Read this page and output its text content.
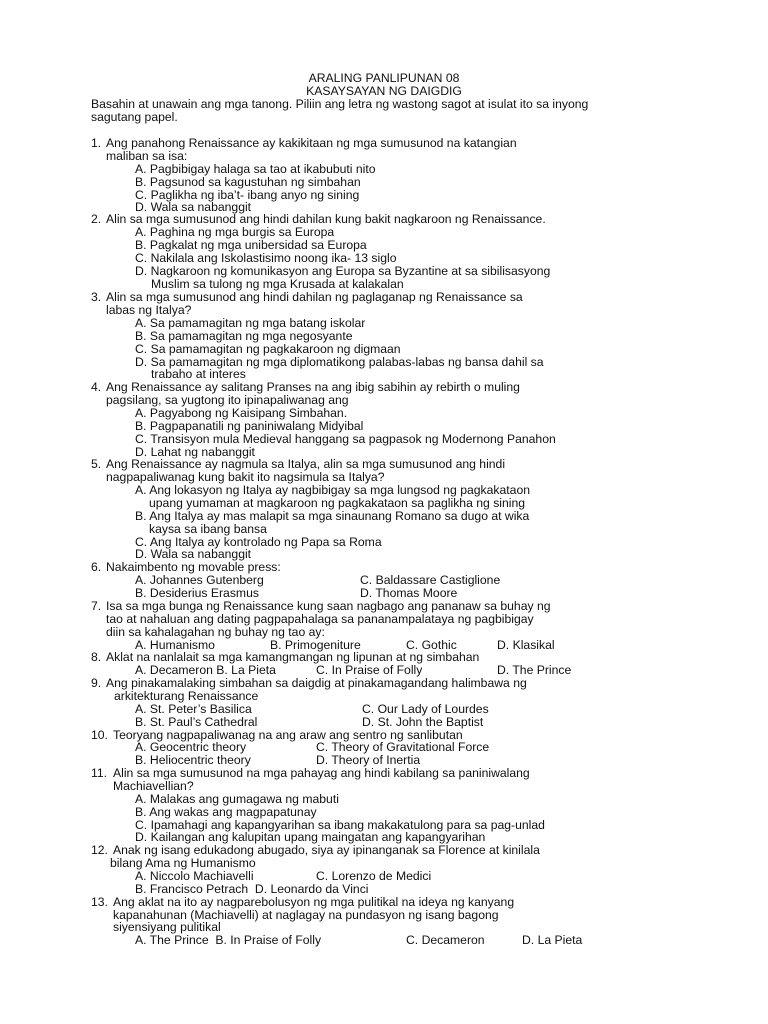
ARALING PANLIPUNAN 08
KASAYSAYAN NG DAIGDIG
Basahin at unawain ang mga tanong. Piliin ang letra ng wastong sagot at isulat ito sa inyong
sagutang papel.
1. Ang panahong Renaissance ay kakikitaan ng mga sumusunod na katangian
maliban sa isa:
A. Pagbibigay halaga sa tao at ikabubuti nito
B. Pagsunod sa kagustuhan ng simbahan
C. Paglikha ng iba’t- ibang anyo ng sining
D. Wala sa nabanggit
2. Alin sa mga sumusunod ang hindi dahilan kung bakit nagkaroon ng Renaissance.
A. Paghina ng mga burgis sa Europa
B. Pagkalat ng mga unibersidad sa Europa
C. Nakilala ang Iskolastisimo noong ika- 13 siglo
D. Nagkaroon ng komunikasyon ang Europa sa Byzantine at sa sibilisasyong
Muslim sa tulong ng mga Krusada at kalakalan
3. Alin sa mga sumusunod ang hindi dahilan ng paglaganap ng Renaissance sa
labas ng Italya?
A. Sa pamamagitan ng mga batang iskolar
B. Sa pamamagitan ng mga negosyante
C. Sa pamamagitan ng pagkakaroon ng digmaan
D. Sa pamamagitan ng mga diplomatikong palabas-labas ng bansa dahil sa
trabaho at interes
4. Ang Renaissance ay salitang Pranses na ang ibig sabihin ay rebirth o muling
pagsilang, sa yugtong ito ipinapaliwanag ang
A. Pagyabong ng Kaisipang Simbahan.
B. Pagpapanatili ng paniniwalang Midyibal
C. Transisyon mula Medieval hanggang sa pagpasok ng Modernong Panahon
D. Lahat ng nabanggit
5. Ang Renaissance ay nagmula sa Italya, alin sa mga sumusunod ang hindi
nagpapaliwanag kung bakit ito nagsimula sa Italya?
A. Ang lokasyon ng Italya ay nagbibigay sa mga lungsod ng pagkakataon
upang yumaman at magkaroon ng pagkakataon sa paglikha ng sining
B. Ang Italya ay mas malapit sa mga sinaunang Romano sa dugo at wika
kaysa sa ibang bansa
C. Ang Italya ay kontrolado ng Papa sa Roma
D. Wala sa nabanggit
6. Nakaimbento ng movable press:
A. Johannes Gutenberg	C. Baldassare Castiglione
B. Desiderius Erasmus	D. Thomas Moore
7. Isa sa mga bunga ng Renaissance kung saan nagbago ang pananaw sa buhay ng
tao at nahaluan ang dating pagpapahalaga sa pananampalataya ng pagbibigay
diin sa kahalagahan ng buhay ng tao ay:
A. Humanismo	B. Primogeniture	C. Gothic	D. Klasikal
8. Aklat na nanlalait sa mga kamangmangan ng lipunan at ng simbahan
A. Decameron B. La Pieta	C. In Praise of Folly	D. The Prince
9. Ang pinakamalaking simbahan sa daigdig at pinakamagandang halimbawa ng
arkitekturang Renaissance
A. St. Peter’s Basilica	C. Our Lady of Lourdes
B. St. Paul’s Cathedral	D. St. John the Baptist
10. Teoryang nagpapaliwanag na ang araw ang sentro ng sanlibutan
A. Geocentric theory	C. Theory of Gravitational Force
B. Heliocentric theory	D. Theory of Inertia
11. Alin sa mga sumusunod na mga pahayag ang hindi kabilang sa paniniwalang
Machiavellian?
A. Malakas ang gumagawa ng mabuti
B. Ang wakas ang magpapatunay
C. Ipamahagi ang kapangyarihan sa ibang makakatulong para sa pag-unlad
D. Kailangan ang kalupitan upang maingatan ang kapangyarihan
12. Anak ng isang edukadong abugado, siya ay ipinanganak sa Florence at kinilala
bilang Ama ng Humanismo
A. Niccolo Machiavelli	C. Lorenzo de Medici
B. Francisco Petrach  D. Leonardo da Vinci
13. Ang aklat na ito ay nagparebolusyon ng mga pulitikal na ideya ng kanyang
kapanahunan (Machiavelli) at naglagay na pundasyon ng isang bagong
siyensiyang pulitikal
A. The Prince  B. In Praise of Folly	C. Decameron	D. La Pieta
